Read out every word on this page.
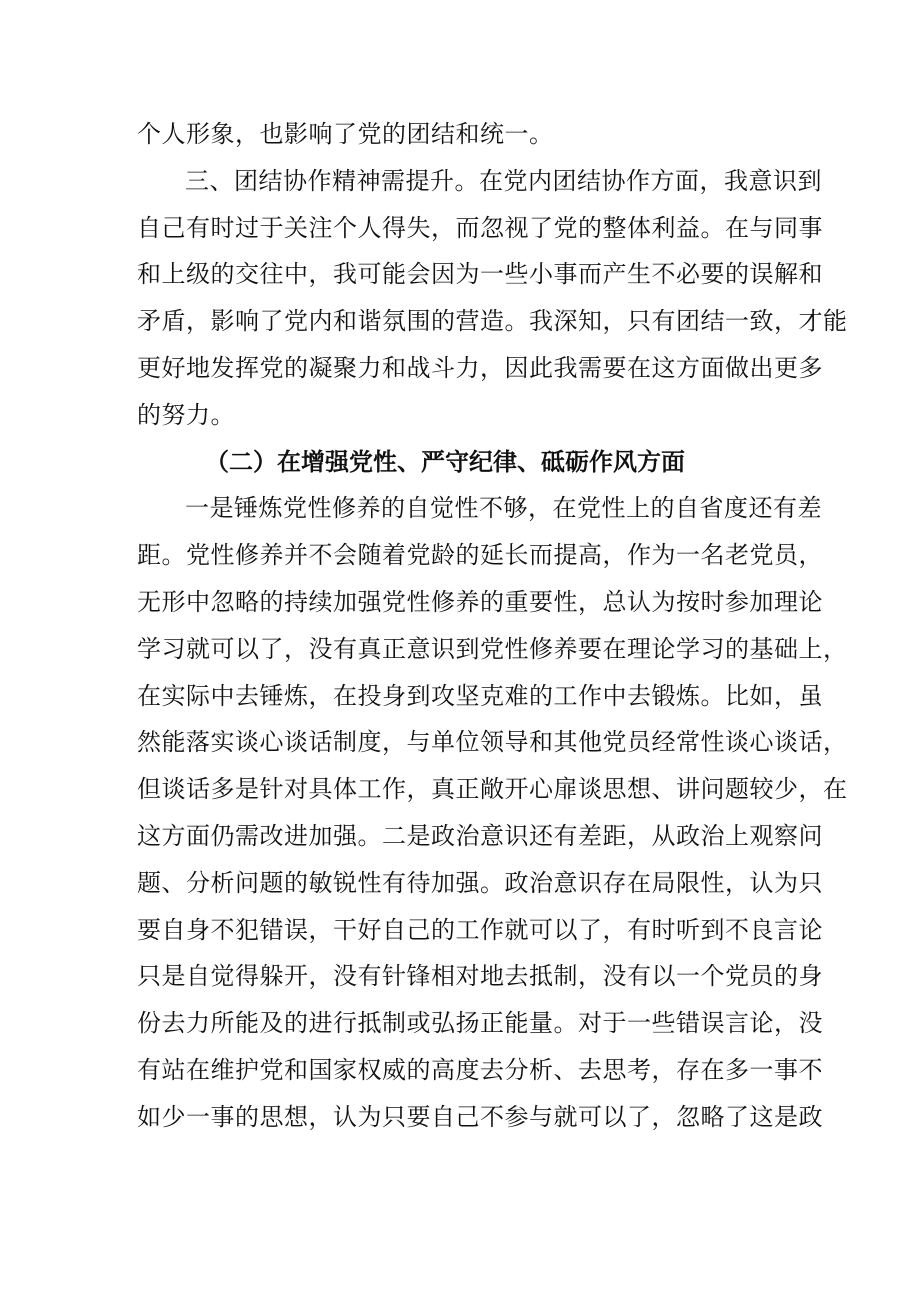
个人形象，也影响了党的团结和统一。
三、团结协作精神需提升。在党内团结协作方面，我意识到
自己有时过于关注个人得失，而忽视了党的整体利益。在与同事
和上级的交往中，我可能会因为一些小事而产生不必要的误解和
矛盾，影响了党内和谐氛围的营造。我深知，只有团结一致，才能
更好地发挥党的凝聚力和战斗力，因此我需要在这方面做出更多
的努力。
（二）在增强党性、严守纪律、砥砺作风方面
一是锤炼党性修养的自觉性不够，在党性上的自省度还有差
距。党性修养并不会随着党龄的延长而提高，作为一名老党员，
无形中忽略的持续加强党性修养的重要性，总认为按时参加理论
学习就可以了，没有真正意识到党性修养要在理论学习的基础上，
在实际中去锤炼，在投身到攻坚克难的工作中去锻炼。比如，虽
然能落实谈心谈话制度，与单位领导和其他党员经常性谈心谈话，
但谈话多是针对具体工作，真正敞开心扉谈思想、讲问题较少，在
这方面仍需改进加强。二是政治意识还有差距，从政治上观察问
题、分析问题的敏锐性有待加强。政治意识存在局限性，认为只
要自身不犯错误，干好自己的工作就可以了，有时听到不良言论
只是自觉得躲开，没有针锋相对地去抵制，没有以一个党员的身
份去力所能及的进行抵制或弘扬正能量。对于一些错误言论，没
有站在维护党和国家权威的高度去分析、去思考，存在多一事不
如少一事的思想，认为只要自己不参与就可以了，忽略了这是政
